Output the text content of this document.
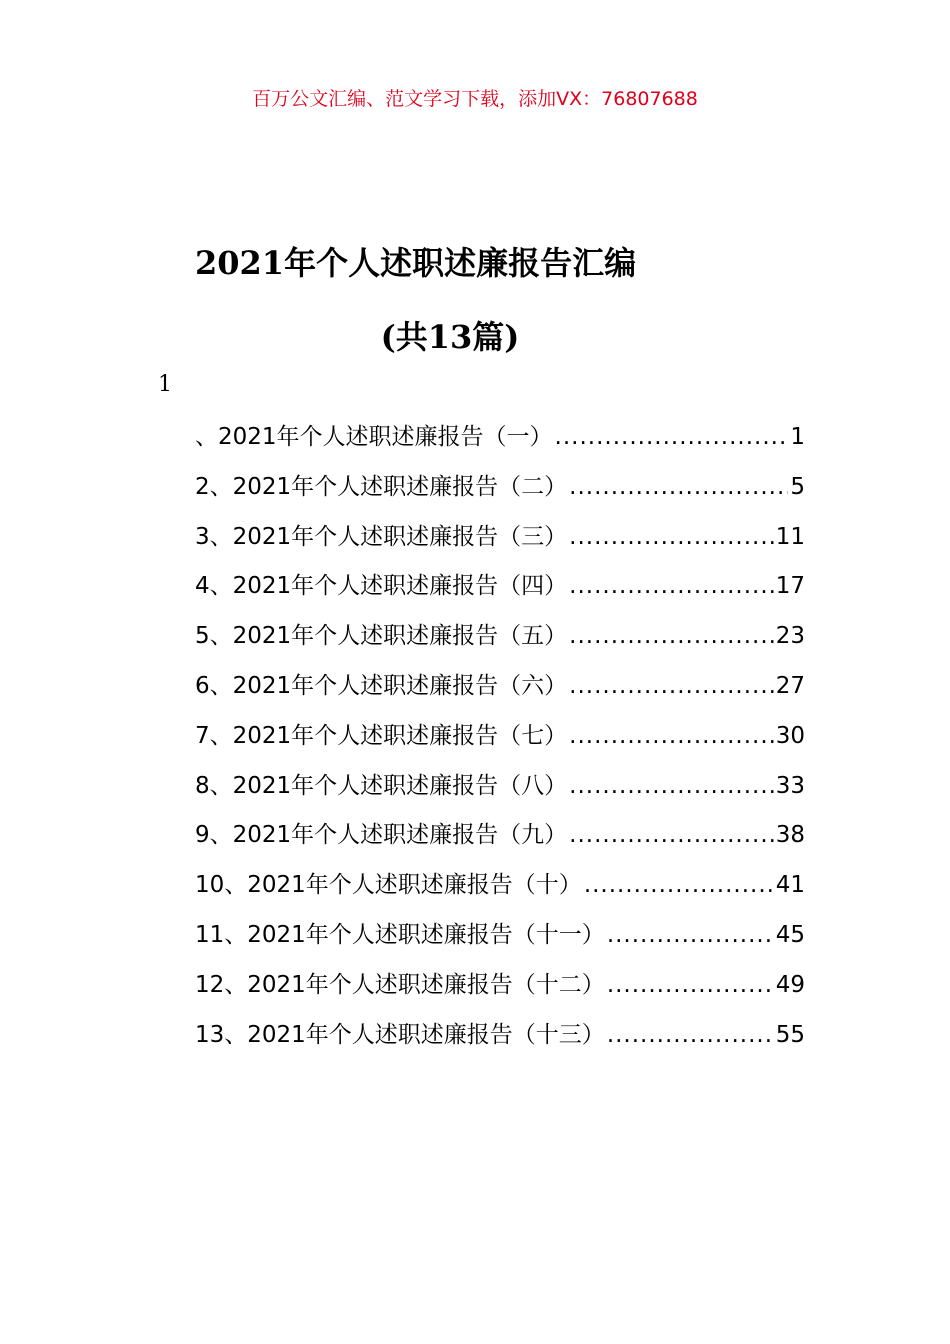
百万公文汇编、范文学习下载，添加VX：76807688
2021年个人述职述廉报告汇编
(共13篇)
1
、2021年个人述职述廉报告（一） .....	1
2、2021年个人述职述廉报告（二） .....	5
3、2021年个人述职述廉报告（三） .....	11
4、2021年个人述职述廉报告（四） .....	17
5、2021年个人述职述廉报告（五） .....	23
6、2021年个人述职述廉报告（六） .....	27
7、2021年个人述职述廉报告（七） .....	30
8、2021年个人述职述廉报告（八） .....	33
9、2021年个人述职述廉报告（九） .....	38
10、2021年个人述职述廉报告（十） .....	41
11、2021年个人述职述廉报告（十一） .....	45
12、2021年个人述职述廉报告（十二） .....	49
13、2021年个人述职述廉报告（十三） .....	55
